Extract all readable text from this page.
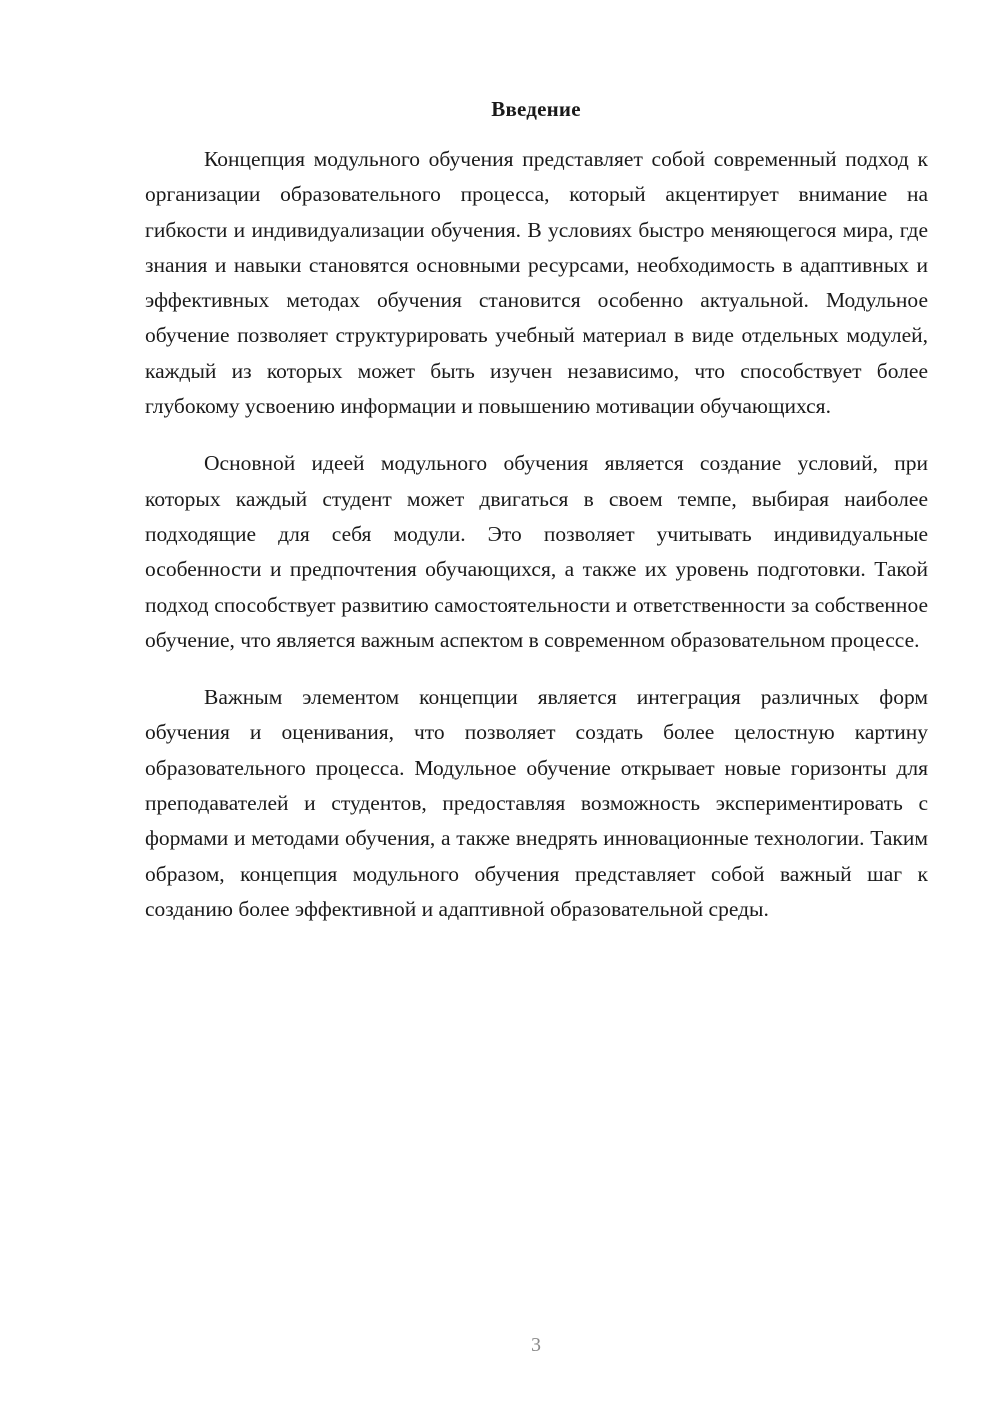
Введение

Концепция модульного обучения представляет собой современный подход к организации образовательного процесса, который акцентирует внимание на гибкости и индивидуализации обучения. В условиях быстро меняющегося мира, где знания и навыки становятся основными ресурсами, необходимость в адаптивных и эффективных методах обучения становится особенно актуальной. Модульное обучение позволяет структурировать учебный материал в виде отдельных модулей, каждый из которых может быть изучен независимо, что способствует более глубокому усвоению информации и повышению мотивации обучающихся.

Основной идеей модульного обучения является создание условий, при которых каждый студент может двигаться в своем темпе, выбирая наиболее подходящие для себя модули. Это позволяет учитывать индивидуальные особенности и предпочтения обучающихся, а также их уровень подготовки. Такой подход способствует развитию самостоятельности и ответственности за собственное обучение, что является важным аспектом в современном образовательном процессе.

Важным элементом концепции является интеграция различных форм обучения и оценивания, что позволяет создать более целостную картину образовательного процесса. Модульное обучение открывает новые горизонты для преподавателей и студентов, предоставляя возможность экспериментировать с формами и методами обучения, а также внедрять инновационные технологии. Таким образом, концепция модульного обучения представляет собой важный шаг к созданию более эффективной и адаптивной образовательной среды.

3
